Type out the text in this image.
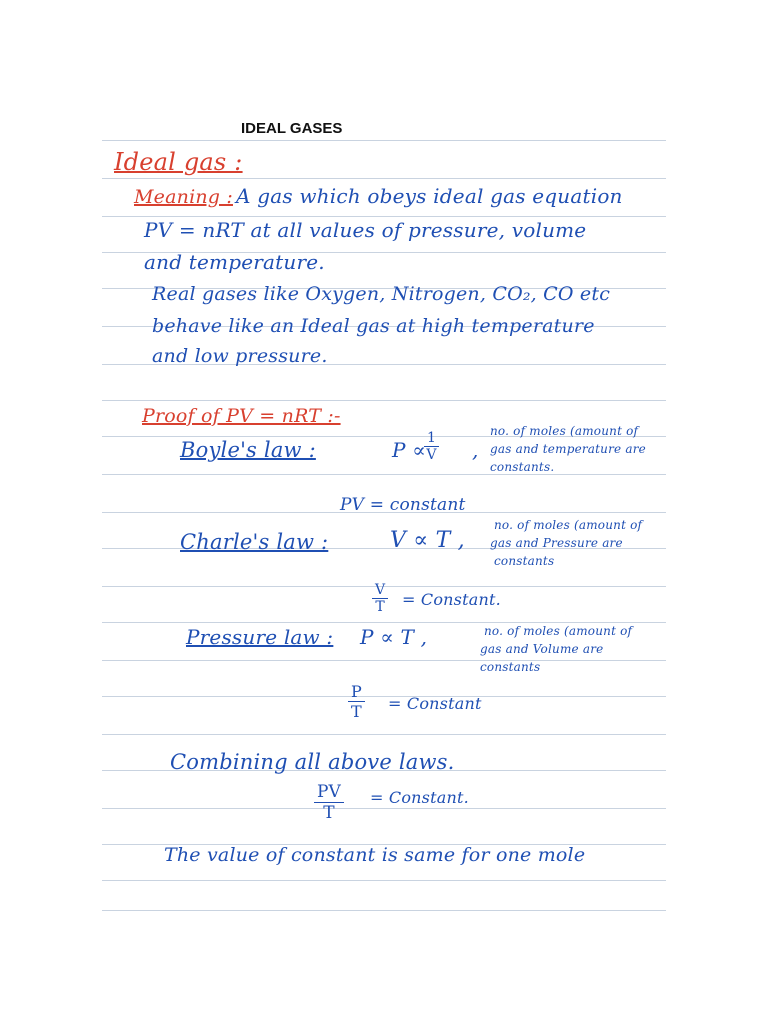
IDEAL GASES
Ideal gas :
Meaning : A gas which obeys ideal gas equation
PV = nRT at all values of pressure, volume
and temperature.
Real gases like Oxygen, Nitrogen, CO₂, CO etc
behave like an Ideal gas at high temperature
and low pressure.
Proof of PV = nRT :-
Boyle's law :	P ∝
$\frac{1}{V}$ ,
no. of moles (amount of
gas and temperature are
constants.
PV = constant
Charle's law :	V ∝ T ,
no. of moles (amount of
gas and Pressure are
constants
$\frac{V}{T}$ = Constant.
Pressure law : P ∝ T ,	no. of moles (amount of
gas and Volume are
constants
$\frac{P}{T}$ = Constant
Combining all above laws.
$\frac{PV}{T}$ = Constant.
The value of constant is same for one mole
